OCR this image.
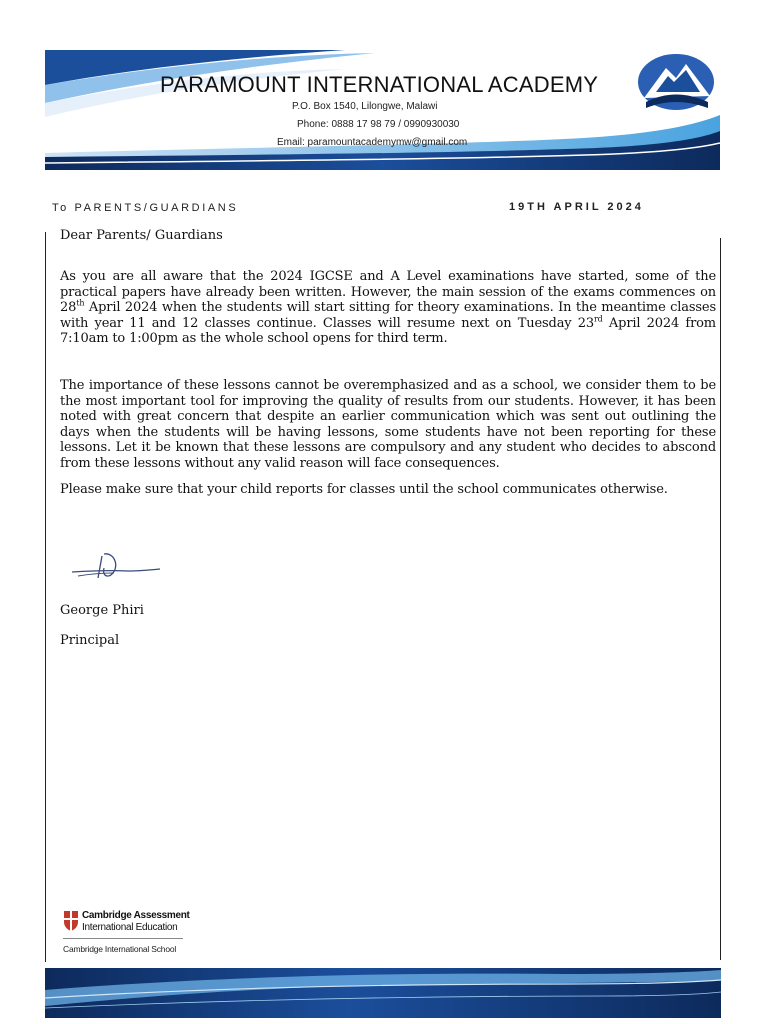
P.O. Box 1540, Lilongwe, Malawi
Phone: 0888 17 98 79 / 0990930030
Email: paramountacademymw@gmail.com
PARAMOUNT INTERNATIONAL ACADEMY
To PARENTS/GUARDIANS	19TH APRIL 2024
Dear Parents/ Guardians

As you are all aware that the 2024 IGCSE and A Level examinations have started, some of the practical papers have already been written. However, the main session of the exams commences on 28th April 2024 when the students will start sitting for theory examinations. In the meantime classes with year 11 and 12 classes continue. Classes will resume next on Tuesday 23rd April 2024 from 7:10am to 1:00pm as the whole school opens for third term.

The importance of these lessons cannot be overemphasized and as a school, we consider them to be the most important tool for improving the quality of results from our students. However, it has been noted with great concern that despite an earlier communication which was sent out outlining the days when the students will be having lessons, some students have not been reporting for these lessons. Let it be known that these lessons are compulsory and any student who decides to abscond from these lessons without any valid reason will face consequences.

Please make sure that your child reports for classes until the school communicates otherwise.
George Phiri
Principal
Cambridge Assessment
International Education
Cambridge International School
